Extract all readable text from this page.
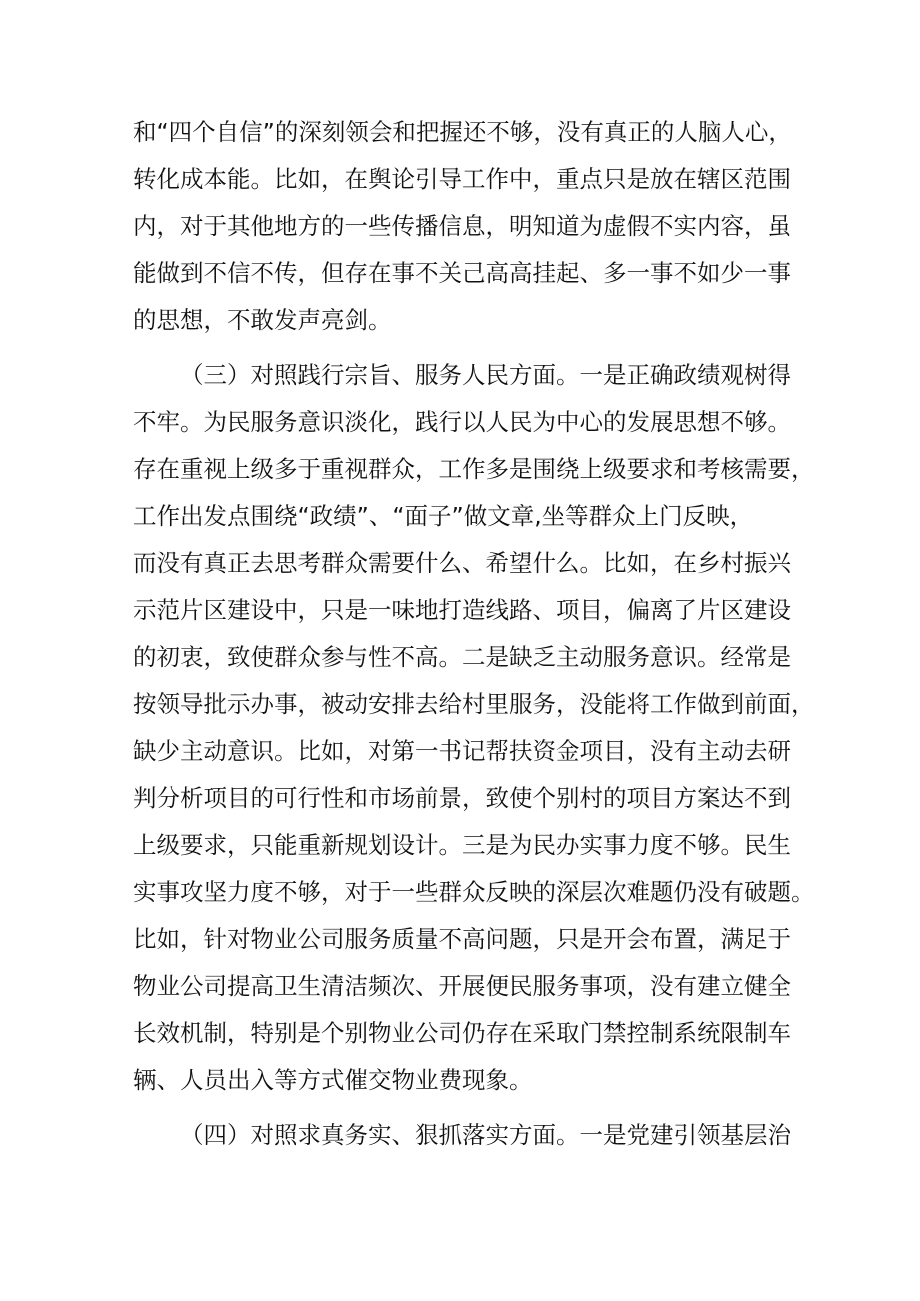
和“四个自信”的深刻领会和把握还不够，没有真正的人脑人心，

转化成本能。比如，在舆论引导工作中，重点只是放在辖区范围

内，对于其他地方的一些传播信息，明知道为虚假不实内容，虽

能做到不信不传，但存在事不关己高高挂起、多一事不如少一事

的思想，不敢发声亮剑。

（三）对照践行宗旨、服务人民方面。一是正确政绩观树得

不牢。为民服务意识淡化，践行以人民为中心的发展思想不够。

存在重视上级多于重视群众，工作多是围绕上级要求和考核需要，

工作出发点围绕“政绩”、“面子”做文章,坐等群众上门反映，

而没有真正去思考群众需要什么、希望什么。比如，在乡村振兴

示范片区建设中，只是一味地打造线路、项目，偏离了片区建设

的初衷，致使群众参与性不高。二是缺乏主动服务意识。经常是

按领导批示办事，被动安排去给村里服务，没能将工作做到前面，

缺少主动意识。比如，对第一书记帮扶资金项目，没有主动去研

判分析项目的可行性和市场前景，致使个别村的项目方案达不到

上级要求，只能重新规划设计。三是为民办实事力度不够。民生

实事攻坚力度不够，对于一些群众反映的深层次难题仍没有破题。

比如，针对物业公司服务质量不高问题，只是开会布置，满足于

物业公司提高卫生清洁频次、开展便民服务事项，没有建立健全

长效机制，特别是个别物业公司仍存在采取门禁控制系统限制车

辆、人员出入等方式催交物业费现象。

（四）对照求真务实、狠抓落实方面。一是党建引领基层治
